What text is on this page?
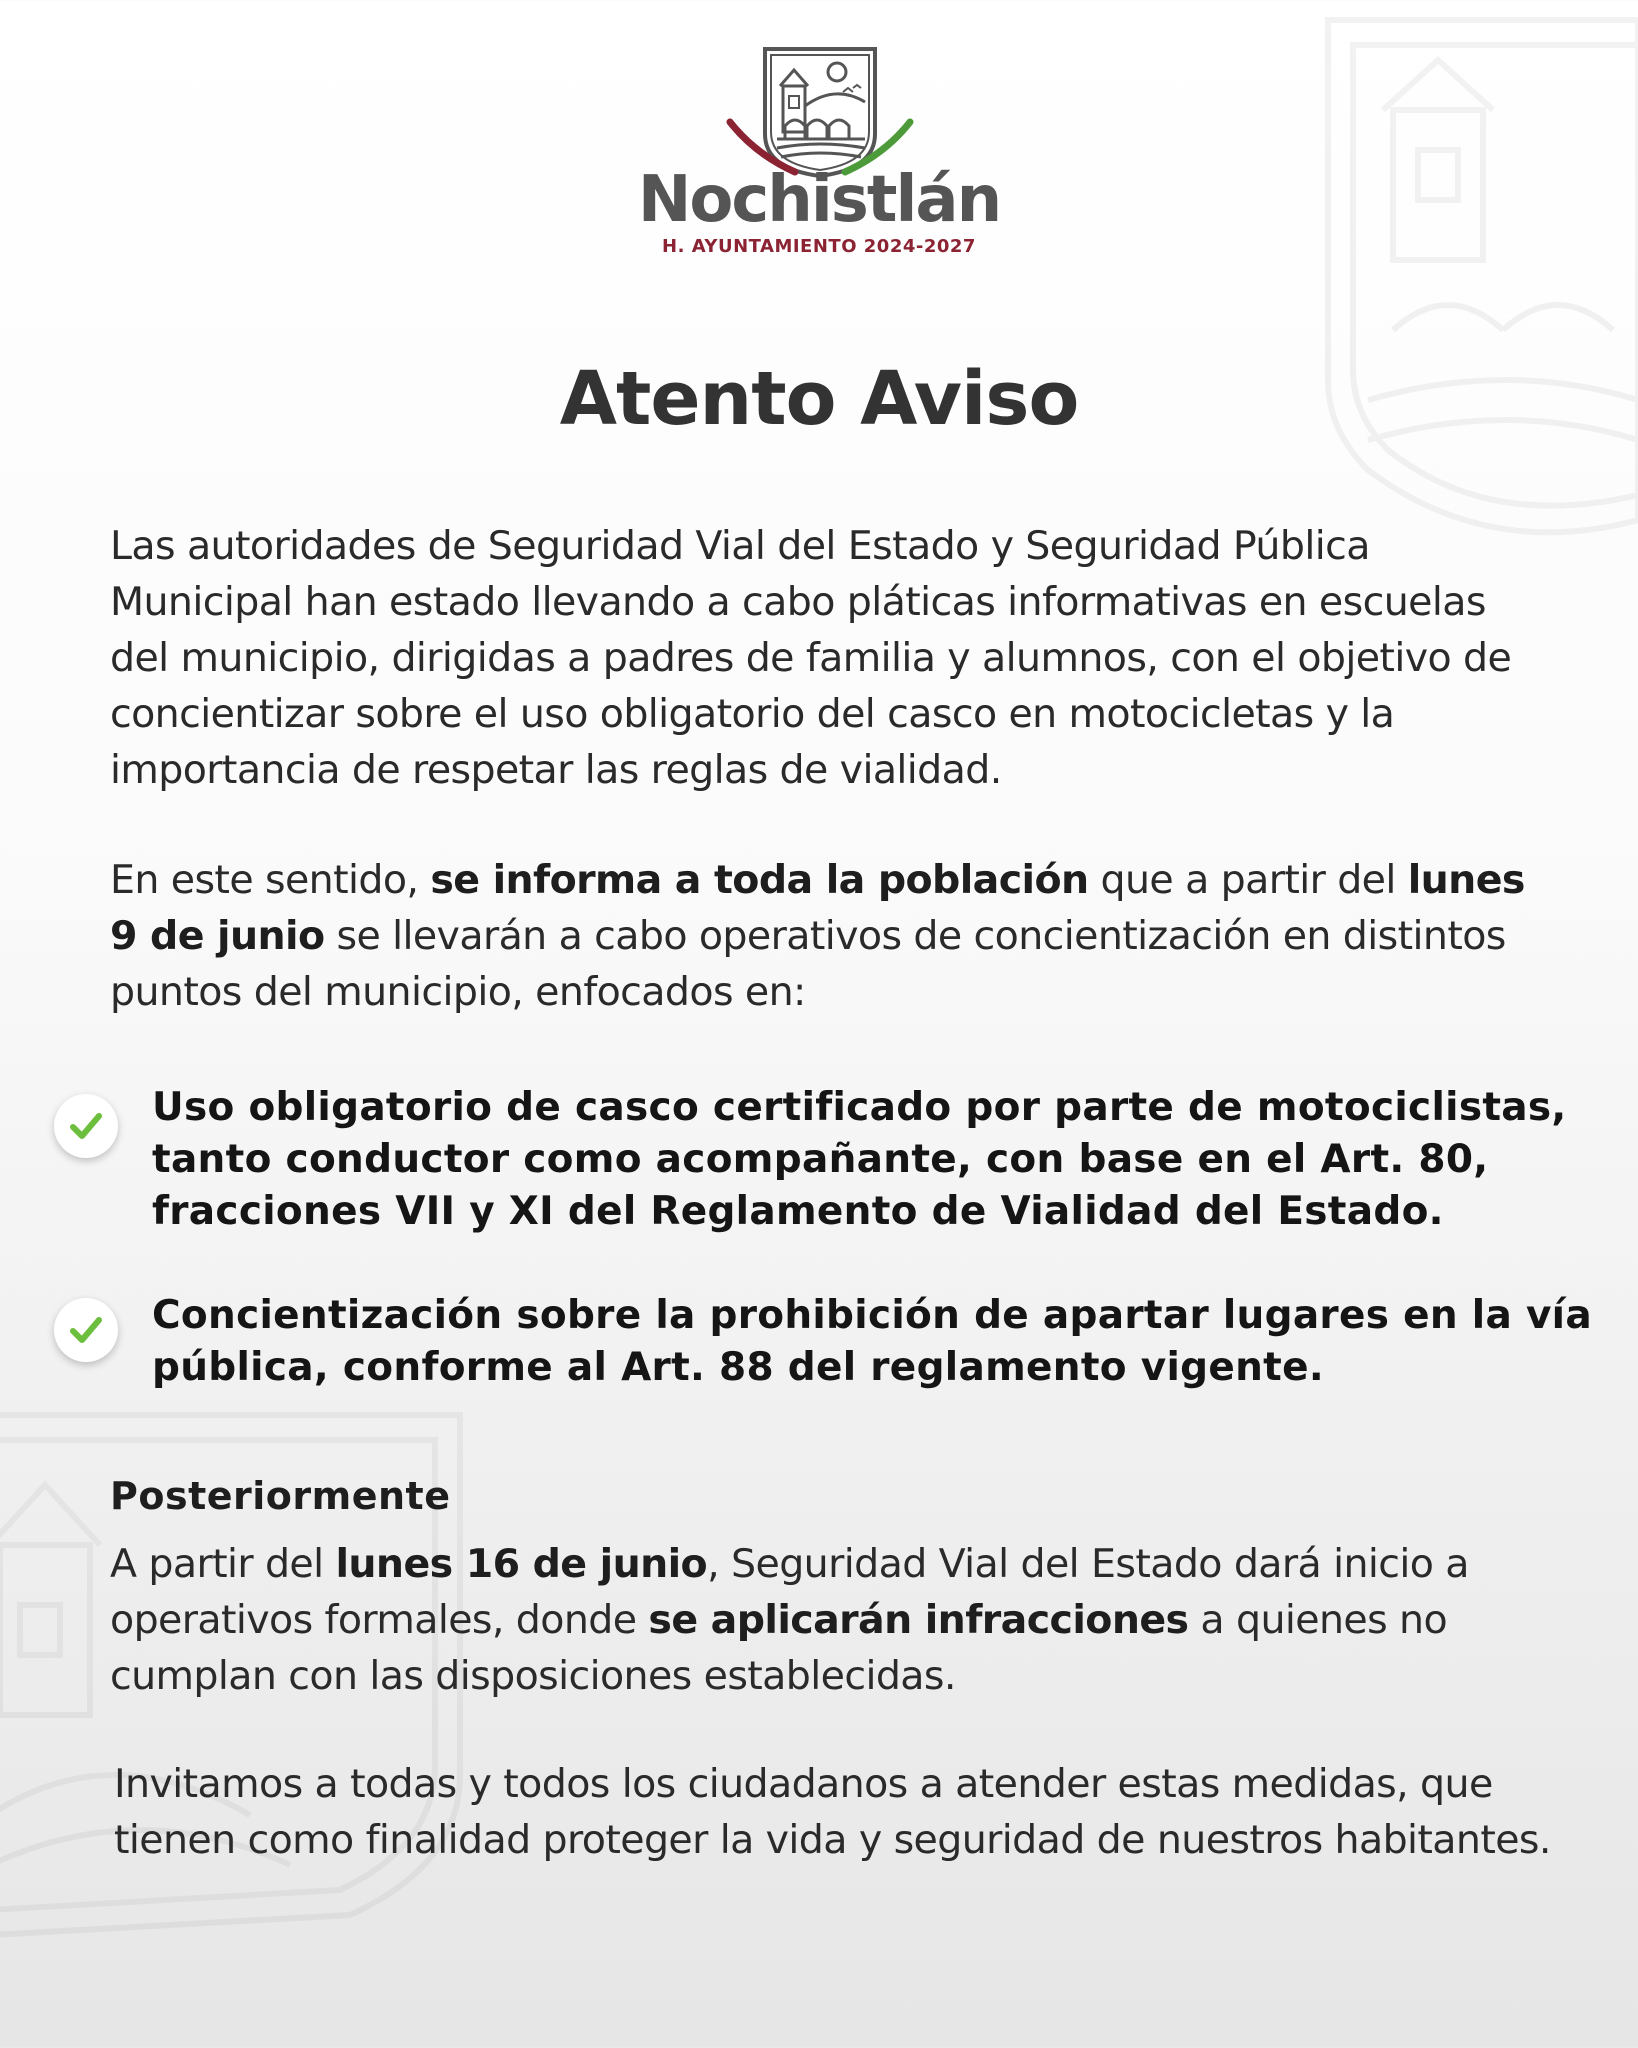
Nochistlán
H. AYUNTAMIENTO 2024-2027
Atento Aviso

Las autoridades de Seguridad Vial del Estado y Seguridad Pública Municipal han estado llevando a cabo pláticas informativas en escuelas del municipio, dirigidas a padres de familia y alumnos, con el objetivo de concientizar sobre el uso obligatorio del casco en motocicletas y la importancia de respetar las reglas de vialidad.

En este sentido, se informa a toda la población que a partir del lunes 9 de junio se llevarán a cabo operativos de concientización en distintos puntos del municipio, enfocados en:

Uso obligatorio de casco certificado por parte de motociclistas, tanto conductor como acompañante, con base en el Art. 80, fracciones VII y XI del Reglamento de Vialidad del Estado.

Concientización sobre la prohibición de apartar lugares en la vía pública, conforme al Art. 88 del reglamento vigente.

Posteriormente

A partir del lunes 16 de junio, Seguridad Vial del Estado dará inicio a operativos formales, donde se aplicarán infracciones a quienes no cumplan con las disposiciones establecidas.

Invitamos a todas y todos los ciudadanos a atender estas medidas, que tienen como finalidad proteger la vida y seguridad de nuestros habitantes.
